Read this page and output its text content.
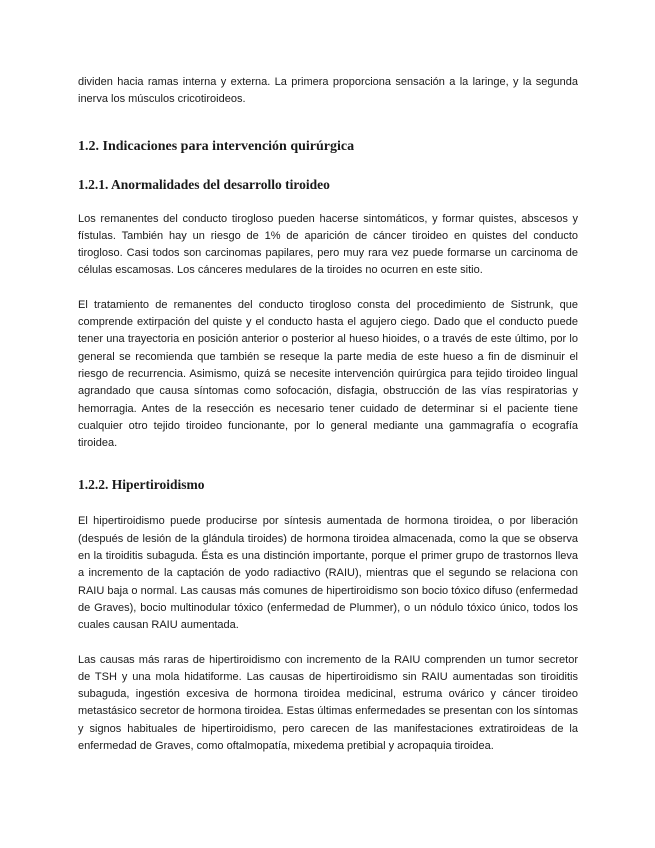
dividen hacia ramas interna y externa. La primera proporciona sensación a la laringe, y la segunda inerva los músculos cricotiroideos.

1.2. Indicaciones para intervención quirúrgica
1.2.1. Anormalidades del desarrollo tiroideo

Los remanentes del conducto tirogloso pueden hacerse sintomáticos, y formar quistes, abscesos y fístulas. También hay un riesgo de 1% de aparición de cáncer tiroideo en quistes del conducto tirogloso. Casi todos son carcinomas papilares, pero muy rara vez puede formarse un carcinoma de células escamosas. Los cánceres medulares de la tiroides no ocurren en este sitio.

El tratamiento de remanentes del conducto tirogloso consta del procedimiento de Sistrunk, que comprende extirpación del quiste y el conducto hasta el agujero ciego. Dado que el conducto puede tener una trayectoria en posición anterior o posterior al hueso hioides, o a través de este último, por lo general se recomienda que también se reseque la parte media de este hueso a fin de disminuir el riesgo de recurrencia. Asimismo, quizá se necesite intervención quirúrgica para tejido tiroideo lingual agrandado que causa síntomas como sofocación, disfagia, obstrucción de las vías respiratorias y hemorragia. Antes de la resección es necesario tener cuidado de determinar si el paciente tiene cualquier otro tejido tiroideo funcionante, por lo general mediante una gammagrafía o ecografía tiroidea.

1.2.2. Hipertiroidismo

El hipertiroidismo puede producirse por síntesis aumentada de hormona tiroidea, o por liberación (después de lesión de la glándula tiroides) de hormona tiroidea almacenada, como la que se observa en la tiroiditis subaguda. Ésta es una distinción importante, porque el primer grupo de trastornos lleva a incremento de la captación de yodo radiactivo (RAIU), mientras que el segundo se relaciona con RAIU baja o normal. Las causas más comunes de hipertiroidismo son bocio tóxico difuso (enfermedad de Graves), bocio multinodular tóxico (enfermedad de Plummer), o un nódulo tóxico único, todos los cuales causan RAIU aumentada.

Las causas más raras de hipertiroidismo con incremento de la RAIU comprenden un tumor secretor de TSH y una mola hidatiforme. Las causas de hipertiroidismo sin RAIU aumentadas son tiroiditis subaguda, ingestión excesiva de hormona tiroidea medicinal, estruma ovárico y cáncer tiroideo metastásico secretor de hormona tiroidea. Estas últimas enfermedades se presentan con los síntomas y signos habituales de hipertiroidismo, pero carecen de las manifestaciones extratiroideas de la enfermedad de Graves, como oftalmopatía, mixedema pretibial y acropaquia tiroidea.
